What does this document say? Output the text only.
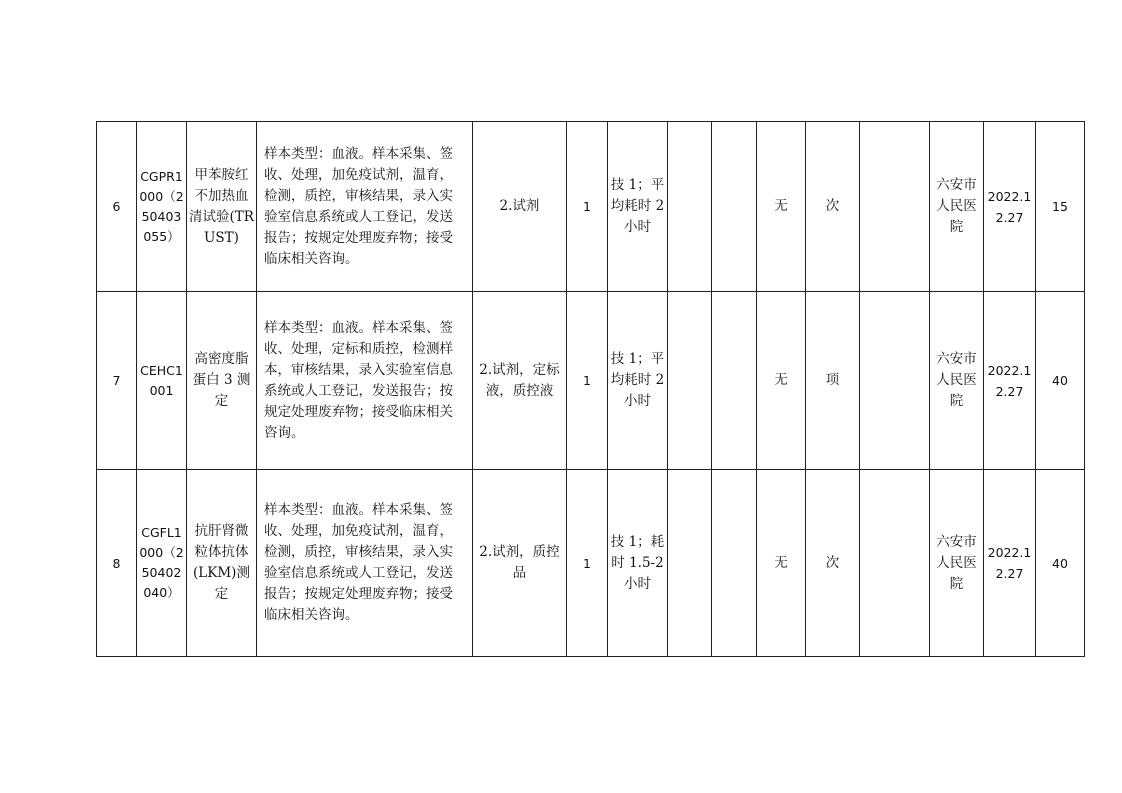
6	CGPR1000（250403055）	甲苯胺红不加热血清试验(TRUST)	样本类型：血液。样本采集、签收、处理，加免疫试剂，温育，检测，质控，审核结果，录入实验室信息系统或人工登记，发送报告；按规定处理废弃物；接受临床相关咨询。	2.试剂	1	技 1；平均耗时 2 小时			无	次		六安市人民医院	2022.12.27	15

7	CEHC1001	高密度脂蛋白 3 测定	样本类型：血液。样本采集、签收、处理，定标和质控，检测样本，审核结果，录入实验室信息系统或人工登记，发送报告；按规定处理废弃物；接受临床相关咨询。	2.试剂，定标液，质控液	1	技 1；平均耗时 2 小时			无	项		六安市人民医院	2022.12.27	40

8	CGFL1000（250402040）	抗肝肾微粒体抗体(LKM)测定	样本类型：血液。样本采集、签收、处理，加免疫试剂，温育，检测，质控，审核结果，录入实验室信息系统或人工登记，发送报告；按规定处理废弃物；接受临床相关咨询。	2.试剂，质控品	1	技 1；耗时 1.5-2 小时			无	次		六安市人民医院	2022.12.27	40
